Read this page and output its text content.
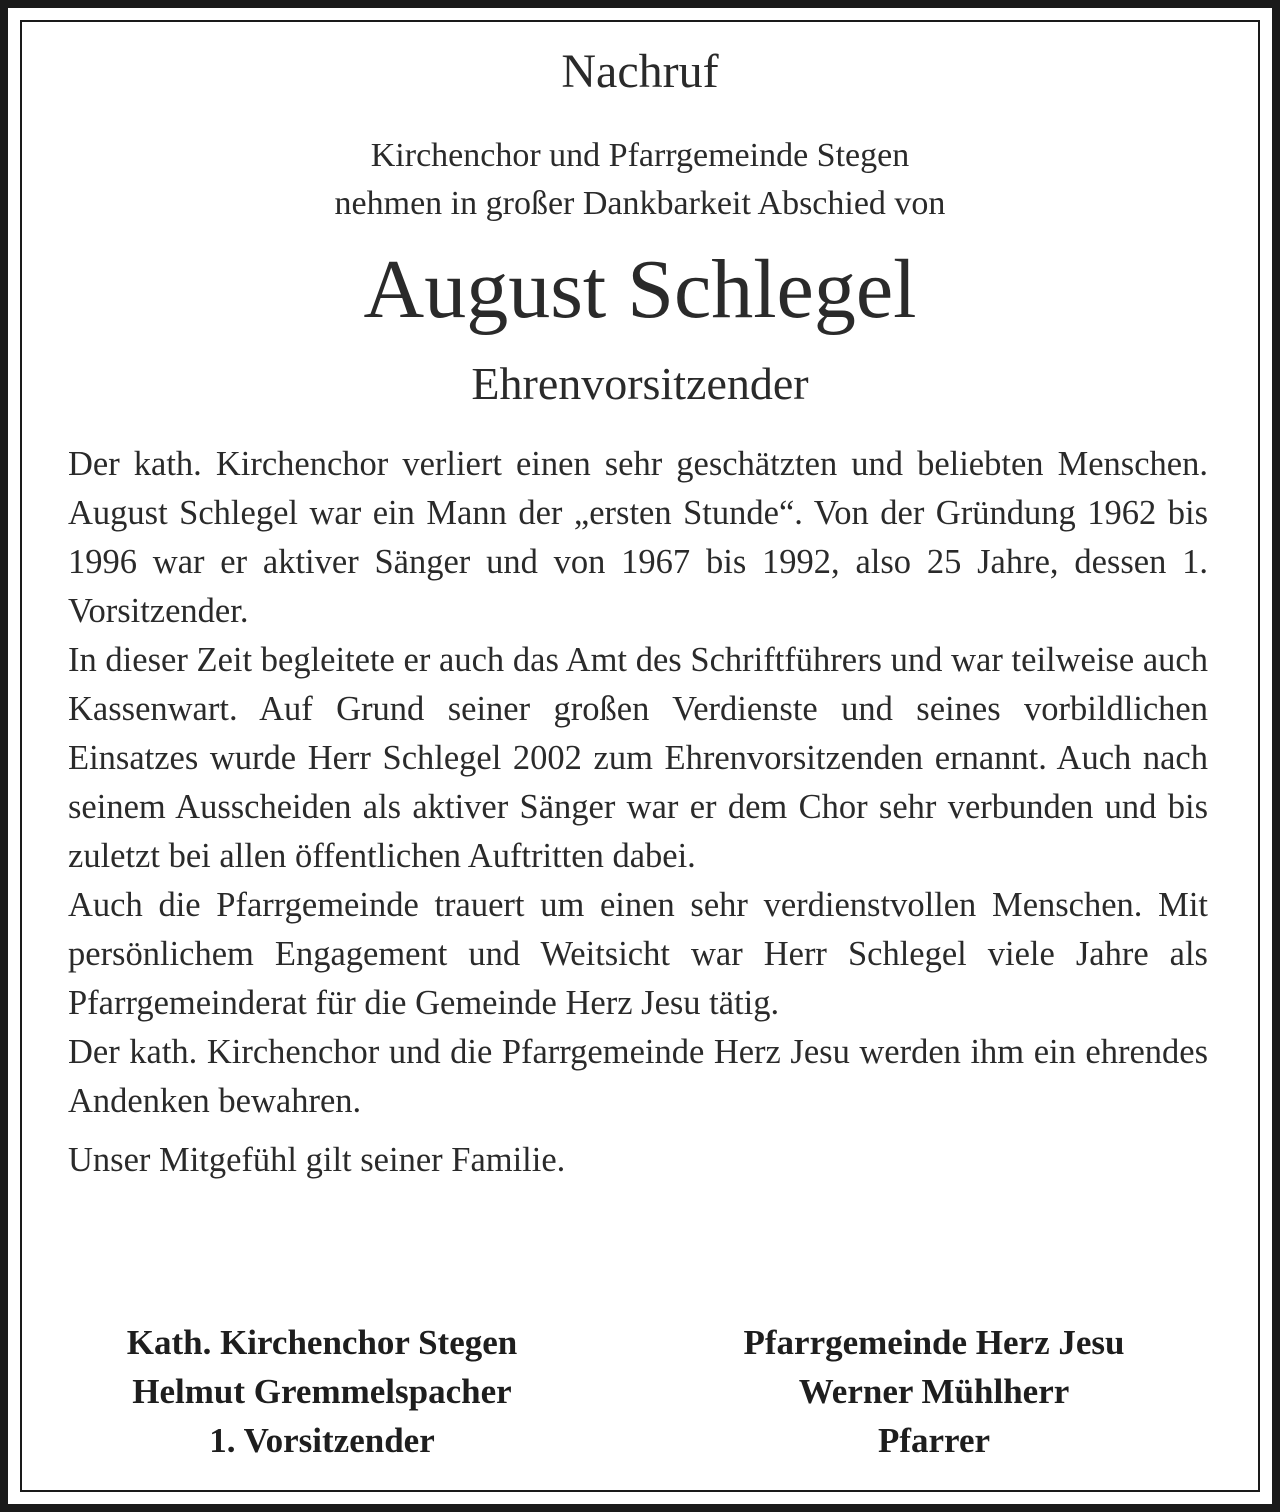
Nachruf
Kirchenchor und Pfarrgemeinde Stegen
nehmen in großer Dankbarkeit Abschied von
August Schlegel
Ehrenvorsitzender

Der kath. Kirchenchor verliert einen sehr geschätzten und beliebten Menschen. August Schlegel war ein Mann der „ersten Stunde“. Von der Gründung 1962 bis 1996 war er aktiver Sänger und von 1967 bis 1992, also 25 Jahre, dessen 1. Vorsitzender.

In dieser Zeit begleitete er auch das Amt des Schriftführers und war teilweise auch Kassenwart. Auf Grund seiner großen Verdienste und seines vorbildlichen Einsatzes wurde Herr Schlegel 2002 zum Ehrenvorsitzenden ernannt. Auch nach seinem Ausscheiden als aktiver Sänger war er dem Chor sehr verbunden und bis zuletzt bei allen öffentlichen Auftritten dabei.

Auch die Pfarrgemeinde trauert um einen sehr verdienstvollen Menschen. Mit persönlichem Engagement und Weitsicht war Herr Schlegel viele Jahre als Pfarrgemeinderat für die Gemeinde Herz Jesu tätig.

Der kath. Kirchenchor und die Pfarrgemeinde Herz Jesu werden ihm ein ehrendes Andenken bewahren.

Unser Mitgefühl gilt seiner Familie.

Kath. Kirchenchor Stegen
Helmut Gremmelspacher
1. Vorsitzender
Pfarrgemeinde Herz Jesu
Werner Mühlherr
Pfarrer
